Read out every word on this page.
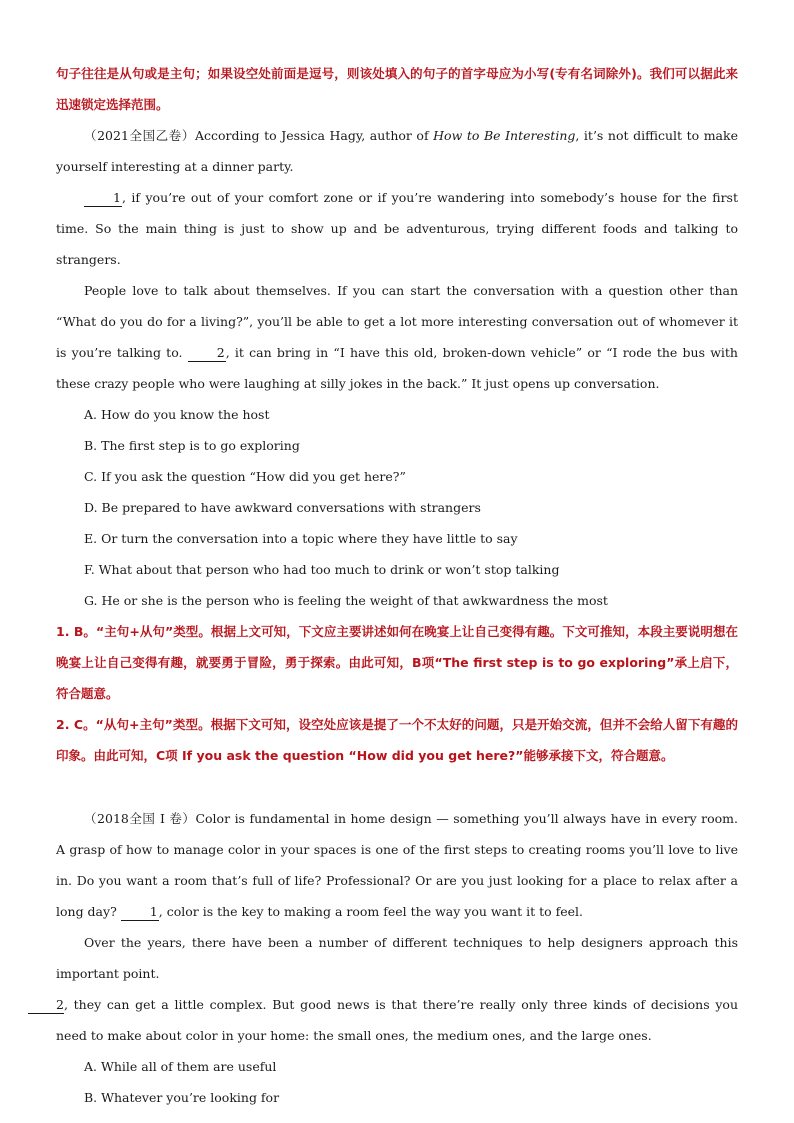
句子往往是从句或是主句；如果设空处前面是逗号，则该处填入的句子的首字母应为小写(专有名词除外)。我们可以据此来迅速锁定选择范围。

（2021全国乙卷）According to Jessica Hagy, author of How to Be Interesting, it’s not difficult to make yourself interesting at a dinner party.

1, if you’re out of your comfort zone or if you’re wandering into somebody’s house for the first time. So the main thing is just to show up and be adventurous, trying different foods and talking to strangers.

People love to talk about themselves. If you can start the conversation with a question other than “What do you do for a living?”, you’ll be able to get a lot more interesting conversation out of whomever it is you’re talking to. 2, it can bring in “I have this old, broken-down vehicle” or “I rode the bus with these crazy people who were laughing at silly jokes in the back.” It just opens up conversation.

A. How do you know the host

B. The first step is to go exploring

C. If you ask the question “How did you get here?”

D. Be prepared to have awkward conversations with strangers

E. Or turn the conversation into a topic where they have little to say

F. What about that person who had too much to drink or won’t stop talking

G. He or she is the person who is feeling the weight of that awkwardness the most

1. B。“主句+从句”类型。根据上文可知，下文应主要讲述如何在晚宴上让自己变得有趣。下文可推知，本段主要说明想在晚宴上让自己变得有趣，就要勇于冒险，勇于探索。由此可知，B项“The first step is to go exploring”承上启下，符合题意。

2. C。“从句+主句”类型。根据下文可知，设空处应该是提了一个不太好的问题，只是开始交流，但并不会给人留下有趣的印象。由此可知，C项 If you ask the question “How did you get here?”能够承接下文，符合题意。

（2018全国 I 卷）Color is fundamental in home design — something you’ll always have in every room. A grasp of how to manage color in your spaces is one of the first steps to creating rooms you’ll love to live in. Do you want a room that’s full of life? Professional? Or are you just looking for a place to relax after a long day? 1, color is the key to making a room feel the way you want it to feel.

Over the years, there have been a number of different techniques to help designers approach this important point.
2, they can get a little complex. But good news is that there’re really only three kinds of decisions you need to make about color in your home: the small ones, the medium ones, and the large ones.

A. While all of them are useful

B. Whatever you’re looking for
